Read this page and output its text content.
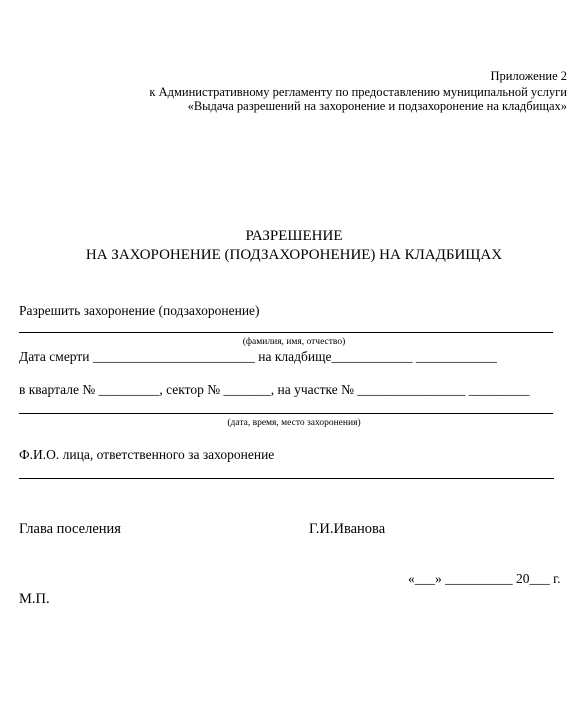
Приложение 2
к Административному регламенту по предоставлению муниципальной услуги
«Выдача разрешений на захоронение и подзахоронение на кладбищах»
РАЗРЕШЕНИЕ
НА ЗАХОРОНЕНИЕ (ПОДЗАХОРОНЕНИЕ) НА КЛАДБИЩАХ
Разрешить захоронение (подзахоронение)
(фамилия, имя, отчество)
Дата смерти ________________________ на кладбище____________ ____________
в квартале № _________, сектор № _______, на участке № ________________ _________
(дата, время, место захоронения)
Ф.И.О. лица, ответственного за захоронение
Глава поселения	Г.И.Иванова
«___» __________ 20___ г.
М.П.
